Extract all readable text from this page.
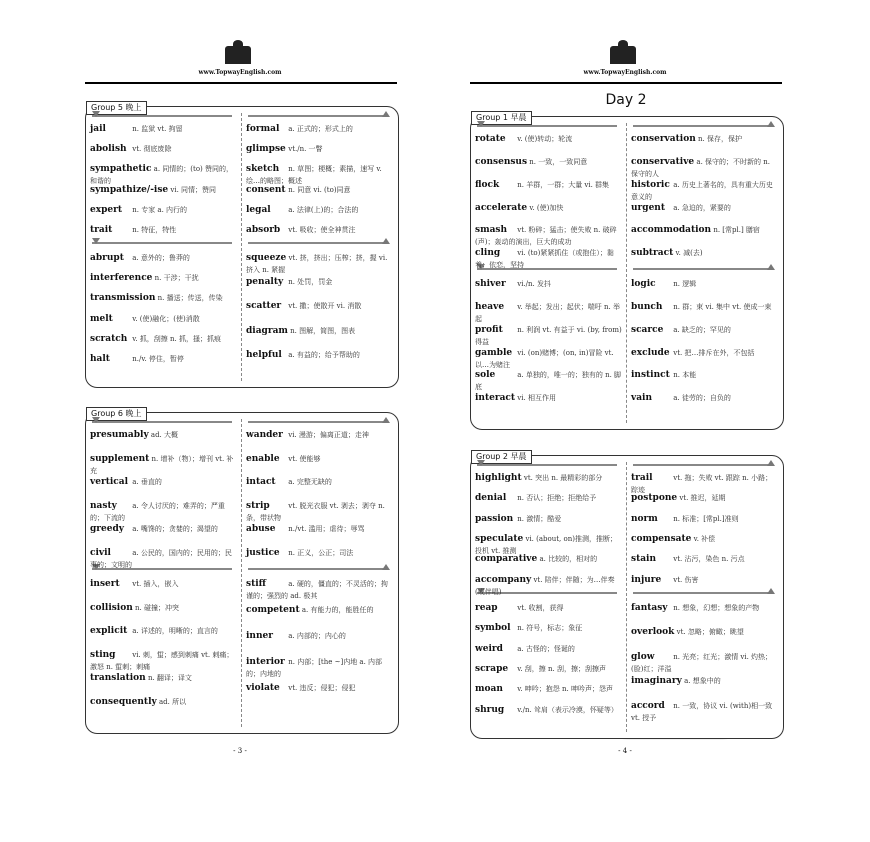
www.TopwayEnglish.com
Group 5 晚上
jail	n. 监狱 vt. 拘留
abolish vt. 彻底废除
sympathetic a. 同情的；(to) 赞同的，和谐的
sympathize/-ise vi. 同情；赞同
expert n. 专家 a. 内行的
trait	n. 特征，特性
abrupt a. 意外的；鲁莽的
interference n. 干涉；干扰
transmission n. 播送；传送，传染
melt	v. (使)融化；(使)消散
scratch v. 抓，刮擦 n. 抓，搔；抓痕
halt	n./v. 停住，暂停
formal a. 正式的；形式上的
glimpse vt./n. 一瞥
sketch n. 草图；梗概；素描，速写 v. 绘…的略图；概述
consent n. 同意 vi. (to)同意
legal	a. 法律(上)的；合法的
absorb vt. 吸收；使全神贯注
squeeze vt. 挤，挤出；压榨；挤，握 vi. 挤入 n. 紧握
penalty n. 处罚，罚金
scatter vt. 撒；使散开 vi. 消散
diagram n. 图解，简图，图表
helpful a. 有益的；给予帮助的
Group 6 晚上
presumably ad. 大概
supplement n. 增补（物）；增刊 vt. 补充
vertical a. 垂直的
nasty a. 令人讨厌的；难弄的；严重的；下流的
greedy a. 嘴馋的；贪婪的；渴望的
civil	a. 公民的，国内的；民用的；民事的；文明的
insert vt. 插入，嵌入
collision n. 碰撞；冲突
explicit a. 详述的，明晰的；直言的
sting vi. 刺，蜇；感到刺痛 vt. 刺痛；激怒 n. 蜇刺；刺痛
translation n. 翻译；译文
consequently ad. 所以
wander vi. 漫游；偏离正道；走神
enable vt. 使能够
intact a. 完整无缺的
strip	vt. 脱光衣服 vt. 剥去；剥夺 n. 条，带状物
abuse n./vt. 滥用；虐待；辱骂
justice n. 正义，公正；司法
stiff	a. 硬的，僵直的；不灵活的；拘谨的；强烈的 ad. 极其
competent a. 有能力的，能胜任的
inner a. 内部的；内心的
interior n. 内部；[the ~]内地 a. 内部的；内地的
violate vt. 违反；侵犯；侵犯
- 3 -
www.TopwayEnglish.com
Day 2
Group 1 早晨
rotate v. (使)转动；轮流
consensus n. 一致，一致同意
flock	n. 羊群，一群；大量 vi. 群集
accelerate v. (使)加快
smash vt. 粉碎；猛击；使失败 n. 破碎(声)；轰动的演出，巨大的成功
cling vi. (to)紧紧抓住（或抱住）；黏着；依恋，坚持
shiver vi./n. 发抖
heave v. 举起；发出；起伏；喘吁 n. 举起
profit n. 利润 vt. 有益于 vi. (by, from)得益
gamble vi. (on)赌博；(on, in)冒险 vt. 以…为赌注
sole	a. 单独的，唯一的；独有的 n. 脚底
interact vi. 相互作用
conservation n. 保存，保护
conservative a. 保守的；不时新的 n. 保守的人
historic a. 历史上著名的，具有重大历史意义的
urgent a. 急迫的，紧要的
accommodation n. [常pl.] 膳宿
subtract v. 减(去)
logic	n. 逻辑
bunch n. 群；束 vi. 集中 vt. 使成一束
scarce a. 缺乏的；罕见的
exclude vt. 把…排斥在外，不包括
instinct n. 本能
vain	a. 徒劳的；自负的
Group 2 早晨
highlight vt. 突出 n. 最精彩的部分
denial n. 否认；拒绝；拒绝给予
passion n. 激情；酷爱
speculate vi. (about, on)推测，推断；投机 vt. 推测
comparative a. 比较的，相对的
accompany vt. 陪伴；伴随；为…伴奏(或伴唱)
reap	vt. 收割，获得
symbol n. 符号，标志；象征
weird a. 古怪的；怪诞的
scrape v. 刮，擦 n. 刮，擦；刮擦声
moan v. 呻吟；抱怨 n. 呻吟声；怨声
shrug v./n. 耸肩（表示冷漠，怀疑等）
trail	vt. 拖；失败 vt. 跟踪 n. 小路；踪迹
postpone vt. 推迟，延期
norm n. 标准；[常pl.]准则
compensate v. 补偿
stain vt. 沾污，染色 n. 污点
injure vt. 伤害
fantasy n. 想象，幻想；想象的产物
overlook vt. 忽略；俯瞰；眺望
glow	n. 光亮；红光；激情 vi. 灼热；(脸)红；洋溢
imaginary a. 想象中的
accord n. 一致，协议 vi. (with)相一致 vt. 授予
- 4 -
